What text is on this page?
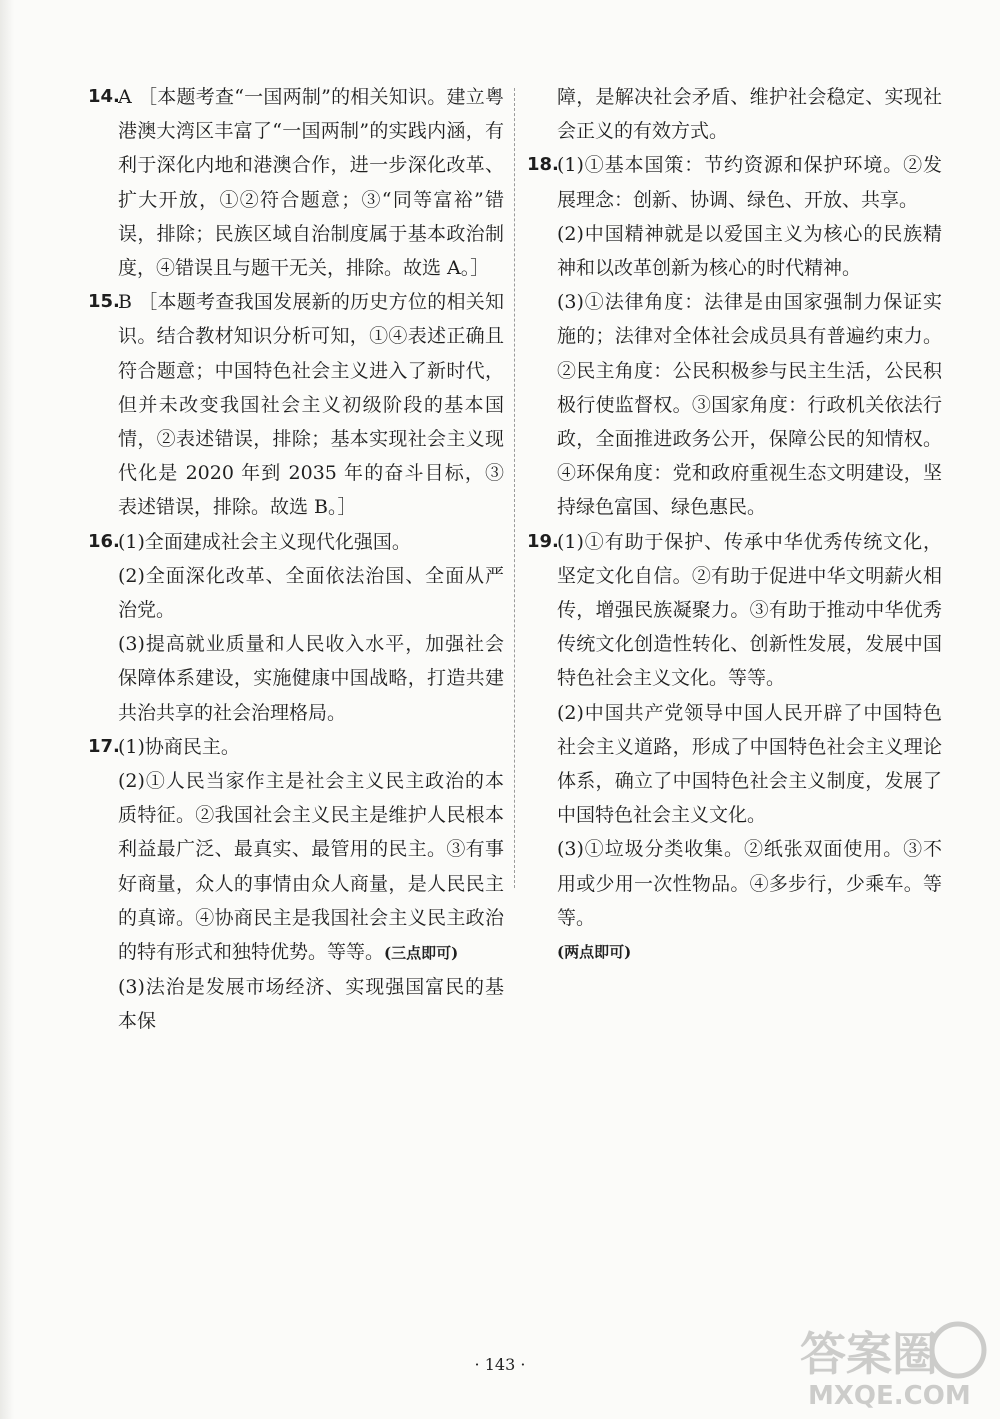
14.
A ［本题考查“一国两制”的相关知识。建立粤港澳大湾区丰富了“一国两制”的实践内涵，有利于深化内地和港澳合作，进一步深化改革、扩大开放，①②符合题意；③“同等富裕”错误，排除；民族区域自治制度属于基本政治制度，④错误且与题干无关，排除。故选 A。］
15.
B ［本题考查我国发展新的历史方位的相关知识。结合教材知识分析可知，①④表述正确且符合题意；中国特色社会主义进入了新时代，但并未改变我国社会主义初级阶段的基本国情，②表述错误，排除；基本实现社会主义现代化是 2020 年到 2035 年的奋斗目标，③表述错误，排除。故选 B。］
16.
(1)全面建成社会主义现代化强国。
(2)全面深化改革、全面依法治国、全面从严治党。
(3)提高就业质量和人民收入水平，加强社会保障体系建设，实施健康中国战略，打造共建共治共享的社会治理格局。
17.
(1)协商民主。
(2)①人民当家作主是社会主义民主政治的本质特征。②我国社会主义民主是维护人民根本利益最广泛、最真实、最管用的民主。③有事好商量，众人的事情由众人商量，是人民民主的真谛。④协商民主是我国社会主义民主政治的特有形式和独特优势。等等。(三点即可)
(3)法治是发展市场经济、实现强国富民的基本保
障，是解决社会矛盾、维护社会稳定、实现社会正义的有效方式。
18.
(1)①基本国策：节约资源和保护环境。②发展理念：创新、协调、绿色、开放、共享。
(2)中国精神就是以爱国主义为核心的民族精神和以改革创新为核心的时代精神。
(3)①法律角度：法律是由国家强制力保证实施的；法律对全体社会成员具有普遍约束力。②民主角度：公民积极参与民主生活，公民积极行使监督权。③国家角度：行政机关依法行政，全面推进政务公开，保障公民的知情权。④环保角度：党和政府重视生态文明建设，坚持绿色富国、绿色惠民。
19.
(1)①有助于保护、传承中华优秀传统文化，坚定文化自信。②有助于促进中华文明薪火相传，增强民族凝聚力。③有助于推动中华优秀传统文化创造性转化、创新性发展，发展中国特色社会主义文化。等等。
(2)中国共产党领导中国人民开辟了中国特色社会主义道路，形成了中国特色社会主义理论体系，确立了中国特色社会主义制度，发展了中国特色社会主义文化。
(3)①垃圾分类收集。②纸张双面使用。③不用或少用一次性物品。④多步行，少乘车。等等。
(两点即可)
· 143 ·	答案圈
MXQE.COM
